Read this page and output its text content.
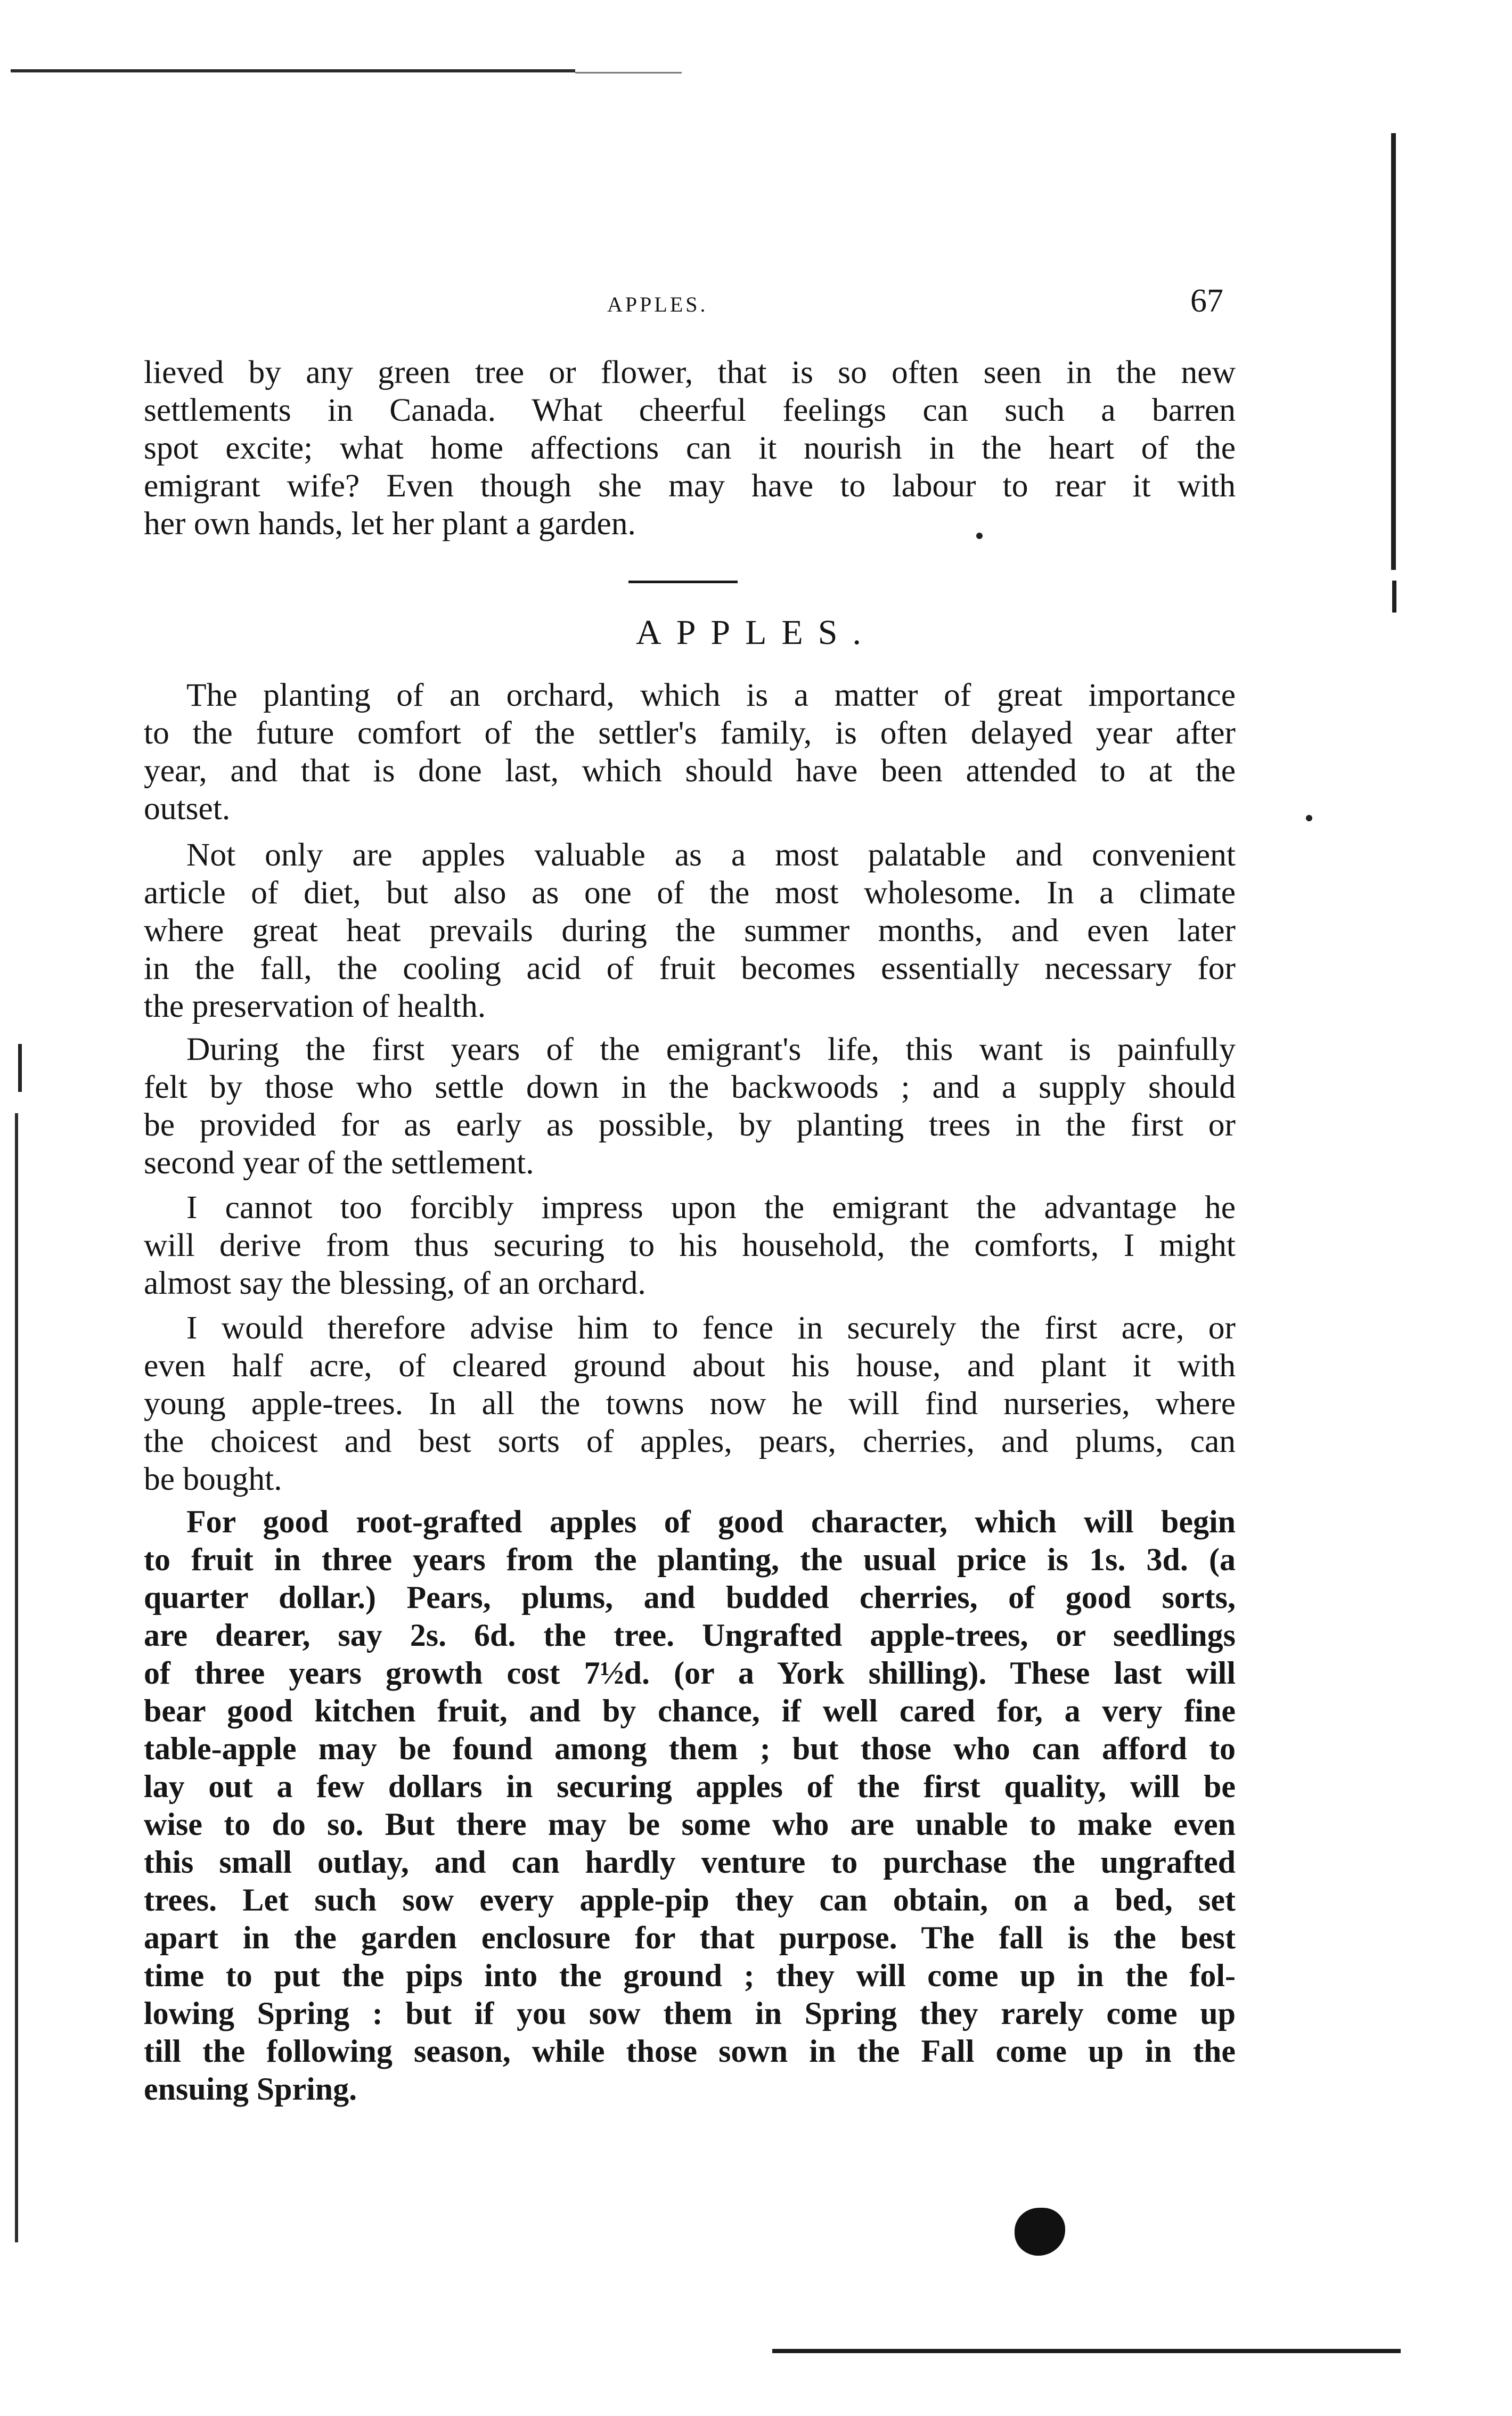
APPLES.	67
lieved by any green tree or flower, that is so often seen in the new
settlements in Canada. What cheerful feelings can such a barren
spot excite; what home affections can it nourish in the heart of the
emigrant wife? Even though she may have to labour to rear it with
her own hands, let her plant a garden.
APPLES.
The planting of an orchard, which is a matter of great importance
to the future comfort of the settler's family, is often delayed year after
year, and that is done last, which should have been attended to at the
outset.
Not only are apples valuable as a most palatable and convenient
article of diet, but also as one of the most wholesome. In a climate
where great heat prevails during the summer months, and even later
in the fall, the cooling acid of fruit becomes essentially necessary for
the preservation of health.
During the first years of the emigrant's life, this want is painfully
felt by those who settle down in the backwoods ; and a supply should
be provided for as early as possible, by planting trees in the first or
second year of the settlement.
I cannot too forcibly impress upon the emigrant the advantage he
will derive from thus securing to his household, the comforts, I might
almost say the blessing, of an orchard.
I would therefore advise him to fence in securely the first acre, or
even half acre, of cleared ground about his house, and plant it with
young apple-trees. In all the towns now he will find nurseries, where
the choicest and best sorts of apples, pears, cherries, and plums, can
be bought.
For good root-grafted apples of good character, which will begin
to fruit in three years from the planting, the usual price is 1s. 3d. (a
quarter dollar.) Pears, plums, and budded cherries, of good sorts,
are dearer, say 2s. 6d. the tree. Ungrafted apple-trees, or seedlings
of three years growth cost 7½d. (or a York shilling). These last will
bear good kitchen fruit, and by chance, if well cared for, a very fine
table-apple may be found among them ; but those who can afford to
lay out a few dollars in securing apples of the first quality, will be
wise to do so. But there may be some who are unable to make even
this small outlay, and can hardly venture to purchase the ungrafted
trees. Let such sow every apple-pip they can obtain, on a bed, set
apart in the garden enclosure for that purpose. The fall is the best
time to put the pips into the ground ; they will come up in the fol-
lowing Spring : but if you sow them in Spring they rarely come up
till the following season, while those sown in the Fall come up in the
ensuing Spring.
